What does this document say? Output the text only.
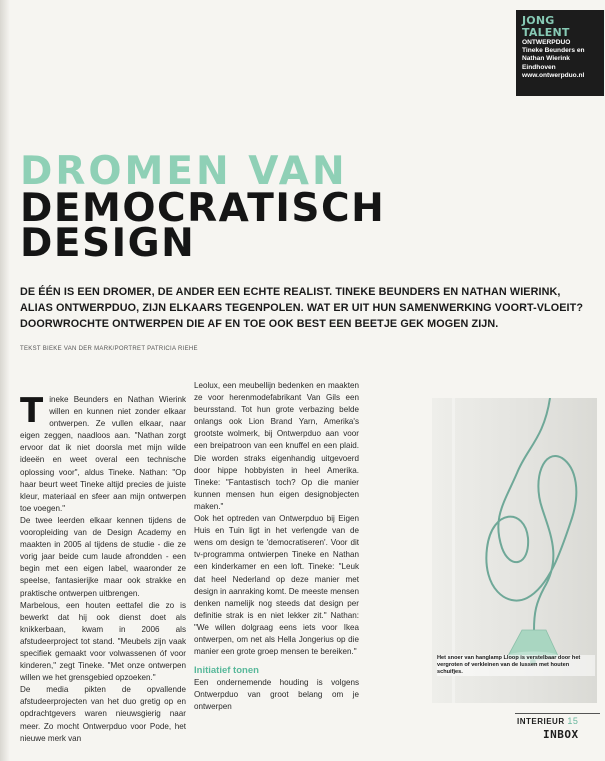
JONG TALENT
ONTWERPDUO
Tineke Beunders en
Nathan Wierink
Eindhoven
www.ontwerpduo.nl
DROMEN VAN
DEMOCRATISCH
DESIGN
DE ÉÉN IS EEN DROMER, DE ANDER EEN ECHTE REALIST. TINEKE BEUNDERS EN NATHAN WIERINK, ALIAS ONTWERPDUO, ZIJN ELKAARS TEGENPOLEN. WAT ER UIT HUN SAMENWERKING VOORT-VLOEIT? DOORWROCHTE ONTWERPEN DIE AF EN TOE OOK BEST EEN BEETJE GEK MOGEN ZIJN.
TEKST BIEKE VAN DER MARK/PORTRET PATRICIA RIEHE

Tineke Beunders en Nathan Wierink willen en kunnen niet zonder elkaar ontwerpen. Ze vullen elkaar, naar eigen zeggen, naadloos aan. "Nathan zorgt ervoor dat ik niet doorsla met mijn wilde ideeën en weet overal een technische oplossing voor", aldus Tineke. Nathan: "Op haar beurt weet Tineke altijd precies de juiste kleur, materiaal en sfeer aan mijn ontwerpen toe voegen."

De twee leerden elkaar kennen tijdens de vooropleiding van de Design Academy en maakten in 2005 al tijdens de studie - die ze vorig jaar beide cum laude afrondden - een begin met een eigen label, waaronder ze speelse, fantasierijke maar ook strakke en praktische ontwerpen uitbrengen.

Marbelous, een houten eettafel die zo is bewerkt dat hij ook dienst doet als knikkerbaan, kwam in 2006 als afstudeerproject tot stand. "Meubels zijn vaak specifiek gemaakt voor volwassenen óf voor kinderen," zegt Tineke. "Met onze ontwerpen willen we het grensgebied opzoeken."

De media pikten de opvallende afstudeerprojecten van het duo gretig op en opdrachtgevers waren nieuwsgierig naar meer. Zo mocht Ontwerpduo voor Pode, het nieuwe merk van

Leolux, een meubellijn bedenken en maakten ze voor herenmodefabrikant Van Gils een beursstand. Tot hun grote verbazing belde onlangs ook Lion Brand Yarn, Amerika's grootste wolmerk, bij Ontwerpduo aan voor een breipatroon van een knuffel en een plaid. Die worden straks eigenhandig uitgevoerd door hippe hobbyisten in heel Amerika. Tineke: "Fantastisch toch? Op die manier kunnen mensen hun eigen designobjecten maken."

Ook het optreden van Ontwerpduo bij Eigen Huis en Tuin ligt in het verlengde van de wens om design te 'democratiseren'. Voor dit tv-programma ontwierpen Tineke en Nathan een kinderkamer en een loft. Tineke: "Leuk dat heel Nederland op deze manier met design in aanraking komt. De meeste mensen denken namelijk nog steeds dat design per definitie strak is en niet lekker zit." Nathan: "We willen dolgraag eens iets voor Ikea ontwerpen, om net als Hella Jongerius op die manier een grote groep mensen te bereiken."

Initiatief tonen

Een ondernemende houding is volgens Ontwerpduo van groot belang om je ontwerpen

Het snoer van hanglamp Lloop is verstelbaar door het vergroten of verkleinen van de lussen met houten schuifjes.
INTERIEUR 15
INBOX
